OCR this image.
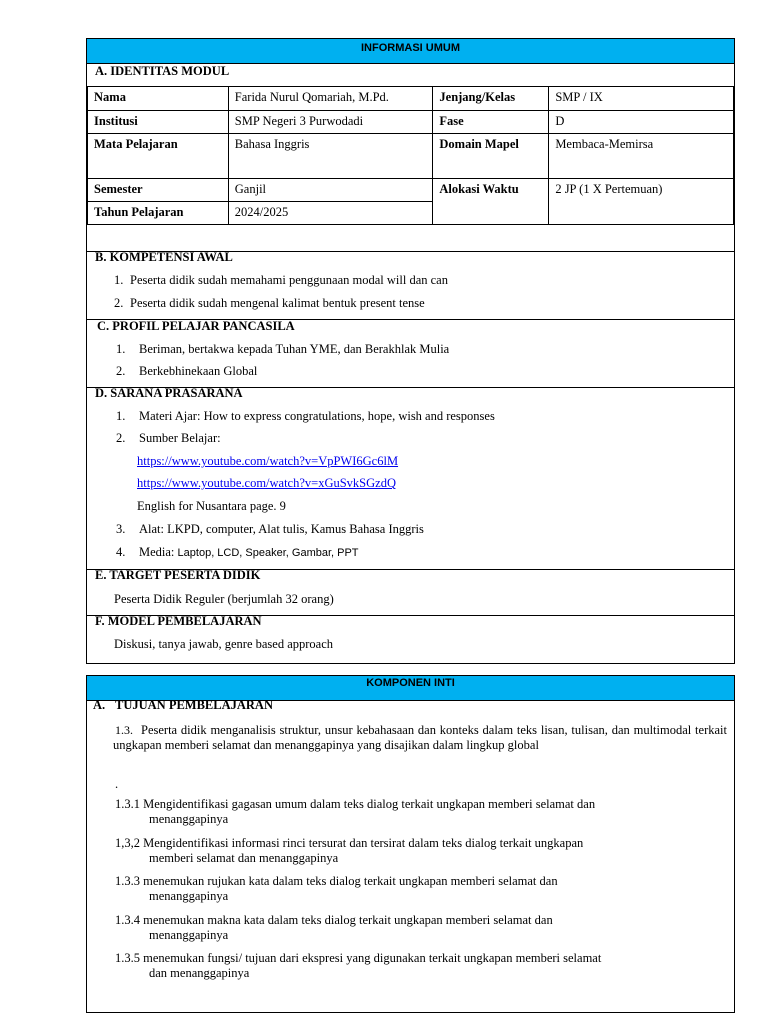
INFORMASI UMUM
A. IDENTITAS MODUL
Nama	Farida Nurul Qomariah, M.Pd.	Jenjang/Kelas	SMP / IX
Institusi	SMP Negeri 3 Purwodadi	Fase	D
Mata Pelajaran	Bahasa Inggris	Domain Mapel	Membaca-Memirsa
Semester	Ganjil	Alokasi Waktu	2 JP (1 X Pertemuan)
Tahun Pelajaran	2024/2025		
B. KOMPETENSI AWAL
1. Peserta didik sudah memahami penggunaan modal will dan can
2. Peserta didik sudah mengenal kalimat bentuk present tense
C. PROFIL PELAJAR PANCASILA
1. Beriman, bertakwa kepada Tuhan YME, dan Berakhlak Mulia
2. Berkebhinekaan Global
D. SARANA PRASARANA
1. Materi Ajar: How to express congratulations, hope, wish and responses
2. Sumber Belajar:
https://www.youtube.com/watch?v=VpPWI6Gc6lM
https://www.youtube.com/watch?v=xGuSvkSGzdQ
English for Nusantara page. 9
3. Alat: LKPD, computer, Alat tulis, Kamus Bahasa Inggris
4. Media: Laptop, LCD, Speaker, Gambar, PPT
E. TARGET PESERTA DIDIK
Peserta Didik Reguler (berjumlah 32 orang)
F. MODEL PEMBELAJARAN
Diskusi, tanya jawab, genre based approach
KOMPONEN INTI
A. TUJUAN PEMBELAJARAN
1.3. Peserta didik menganalisis struktur, unsur kebahasaan dan konteks dalam teks lisan, tulisan, dan multimodal terkait ungkapan memberi selamat dan menanggapinya yang disajikan dalam lingkup global
.
1.3.1 Mengidentifikasi gagasan umum dalam teks dialog terkait ungkapan memberi selamat dan
menanggapinya
1,3,2 Mengidentifikasi informasi rinci tersurat dan tersirat dalam teks dialog terkait ungkapan
memberi selamat dan menanggapinya
1.3.3 menemukan rujukan kata dalam teks dialog terkait ungkapan memberi selamat dan
menanggapinya
1.3.4 menemukan makna kata dalam teks dialog terkait ungkapan memberi selamat dan
menanggapinya
1.3.5 menemukan fungsi/ tujuan dari ekspresi yang digunakan terkait ungkapan memberi selamat
dan menanggapinya
